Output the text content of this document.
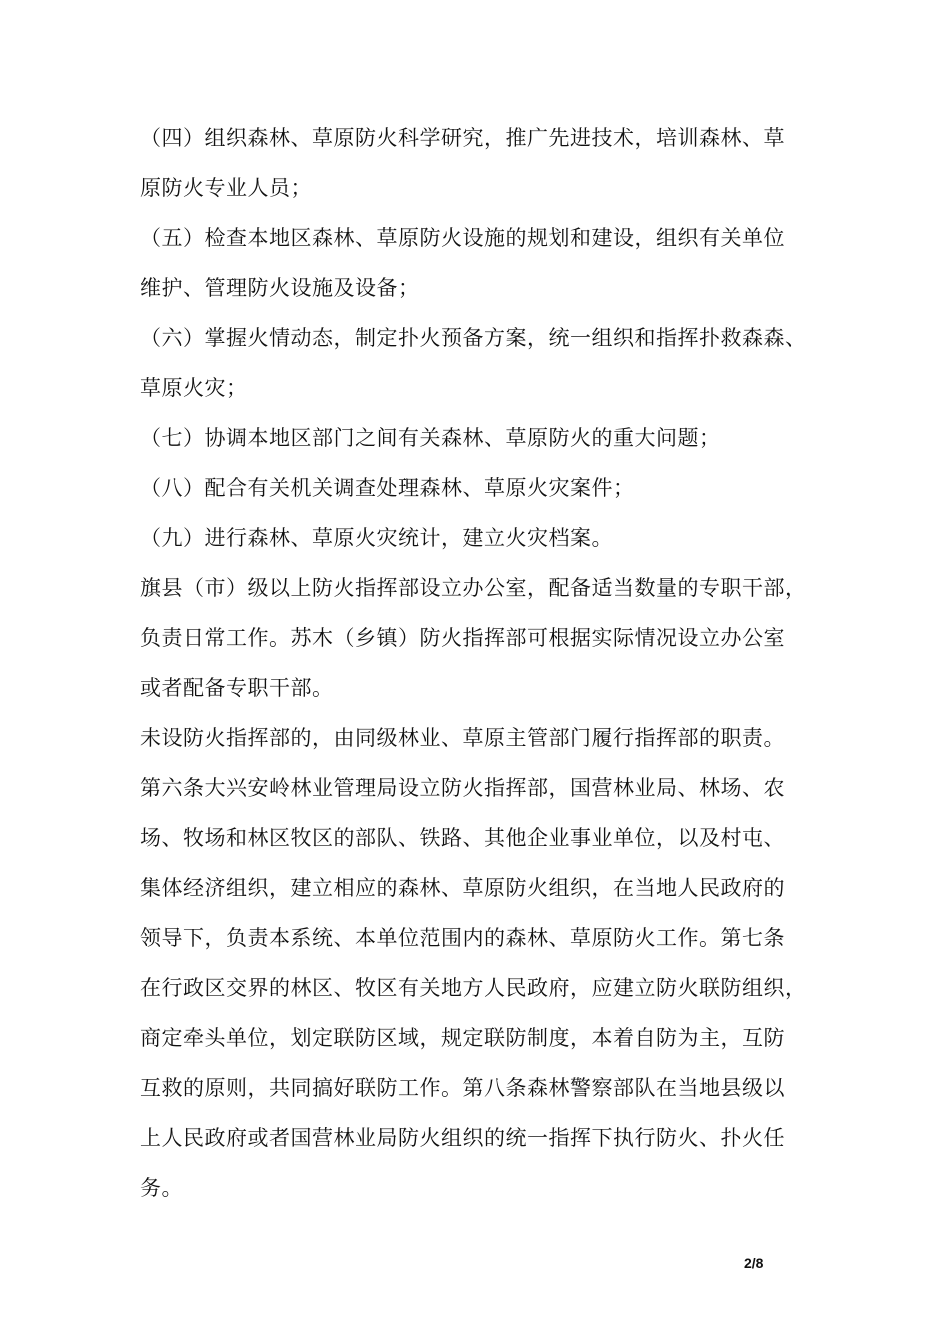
（四）组织森林、草原防火科学研究，推广先进技术，培训森林、草
原防火专业人员；

（五）检查本地区森林、草原防火设施的规划和建设，组织有关单位
维护、管理防火设施及设备；

（六）掌握火情动态，制定扑火预备方案，统一组织和指挥扑救森森、
草原火灾；

（七）协调本地区部门之间有关森林、草原防火的重大问题；

（八）配合有关机关调查处理森林、草原火灾案件；

（九）进行森林、草原火灾统计，建立火灾档案。

旗县（市）级以上防火指挥部设立办公室，配备适当数量的专职干部，
负责日常工作。苏木（乡镇）防火指挥部可根据实际情况设立办公室
或者配备专职干部。

未设防火指挥部的，由同级林业、草原主管部门履行指挥部的职责。

第六条大兴安岭林业管理局设立防火指挥部，国营林业局、林场、农
场、牧场和林区牧区的部队、铁路、其他企业事业单位，以及村屯、
集体经济组织，建立相应的森林、草原防火组织，在当地人民政府的
领导下，负责本系统、本单位范围内的森林、草原防火工作。第七条
在行政区交界的林区、牧区有关地方人民政府，应建立防火联防组织，
商定牵头单位，划定联防区域，规定联防制度，本着自防为主，互防
互救的原则，共同搞好联防工作。第八条森林警察部队在当地县级以
上人民政府或者国营林业局防火组织的统一指挥下执行防火、扑火任
务。

2/8
